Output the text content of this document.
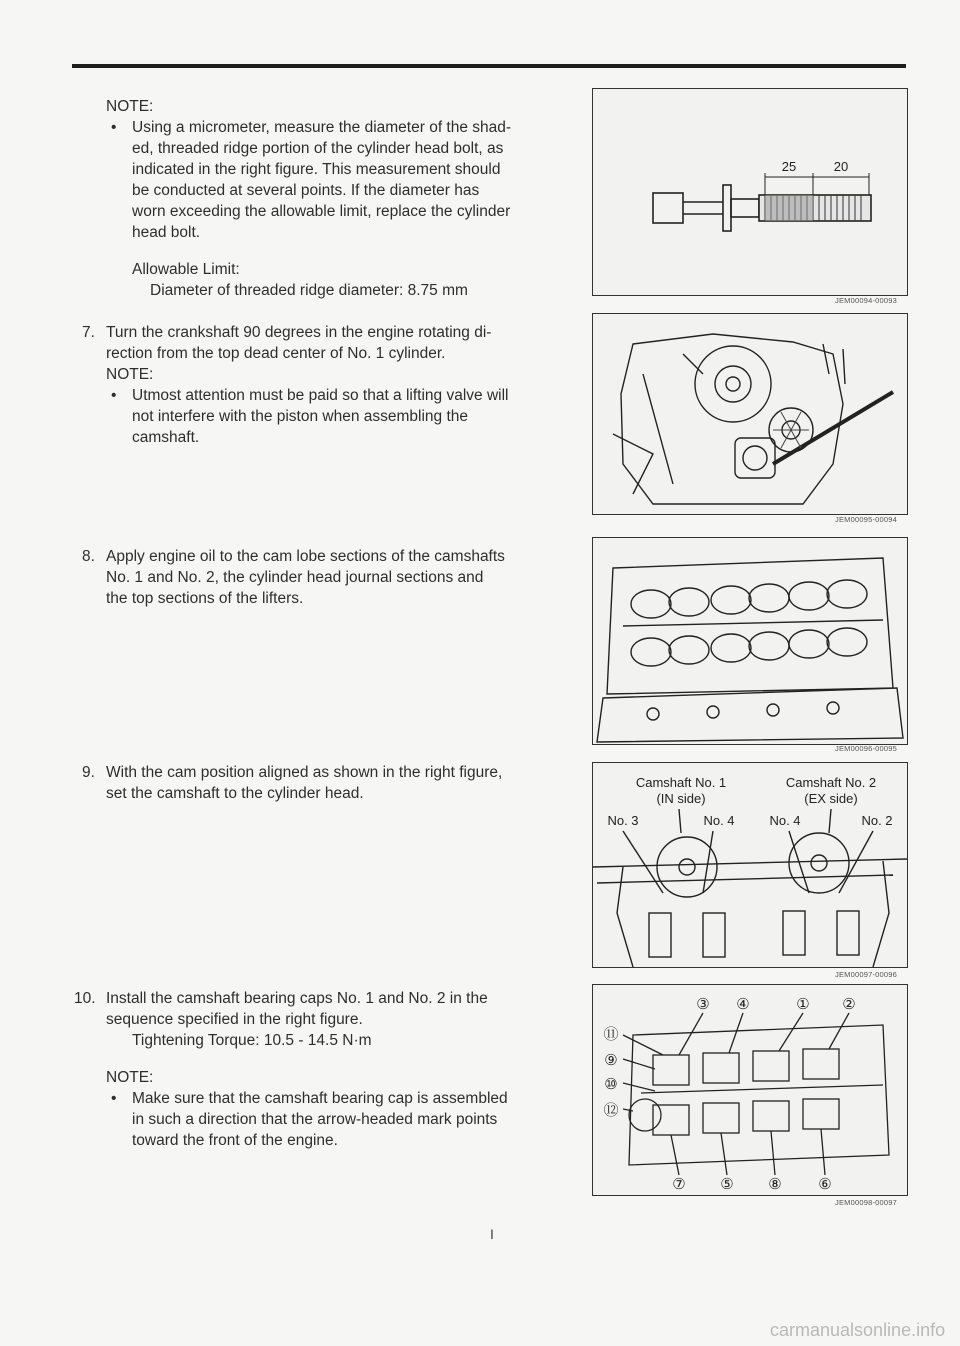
NOTE:
• Using a micrometer, measure the diameter of the shad-
ed, threaded ridge portion of the cylinder head bolt, as
indicated in the right figure. This measurement should
be conducted at several points. If the diameter has
worn exceeding the allowable limit, replace the cylinder
head bolt.
Allowable Limit:
Diameter of threaded ridge diameter: 8.75 mm
7. Turn the crankshaft 90 degrees in the engine rotating di-
rection from the top dead center of No. 1 cylinder.
NOTE:
• Utmost attention must be paid so that a lifting valve will
not interfere with the piston when assembling the
camshaft.
8. Apply engine oil to the cam lobe sections of the camshafts
No. 1 and No. 2, the cylinder head journal sections and
the top sections of the lifters.
9. With the cam position aligned as shown in the right figure,
set the camshaft to the cylinder head.
10. Install the camshaft bearing caps No. 1 and No. 2 in the
sequence specified in the right figure.
Tightening Torque: 10.5 - 14.5 N·m
NOTE:
• Make sure that the camshaft bearing cap is assembled
in such a direction that the arrow-headed mark points
toward the front of the engine.
25	20
JEM00094-00093
JEM00095-00094
JEM00096-00095
Camshaft No. 1
(IN side)
Camshaft No. 2
(EX side)
No. 3	No. 4	No. 4	No. 2
JEM00097-00096
③ ④	① ②
⑪
⑨
⑩
⑫
⑦ ⑤ ⑧ ⑥
JEM00098-00097
I
carmanualsonline.info
